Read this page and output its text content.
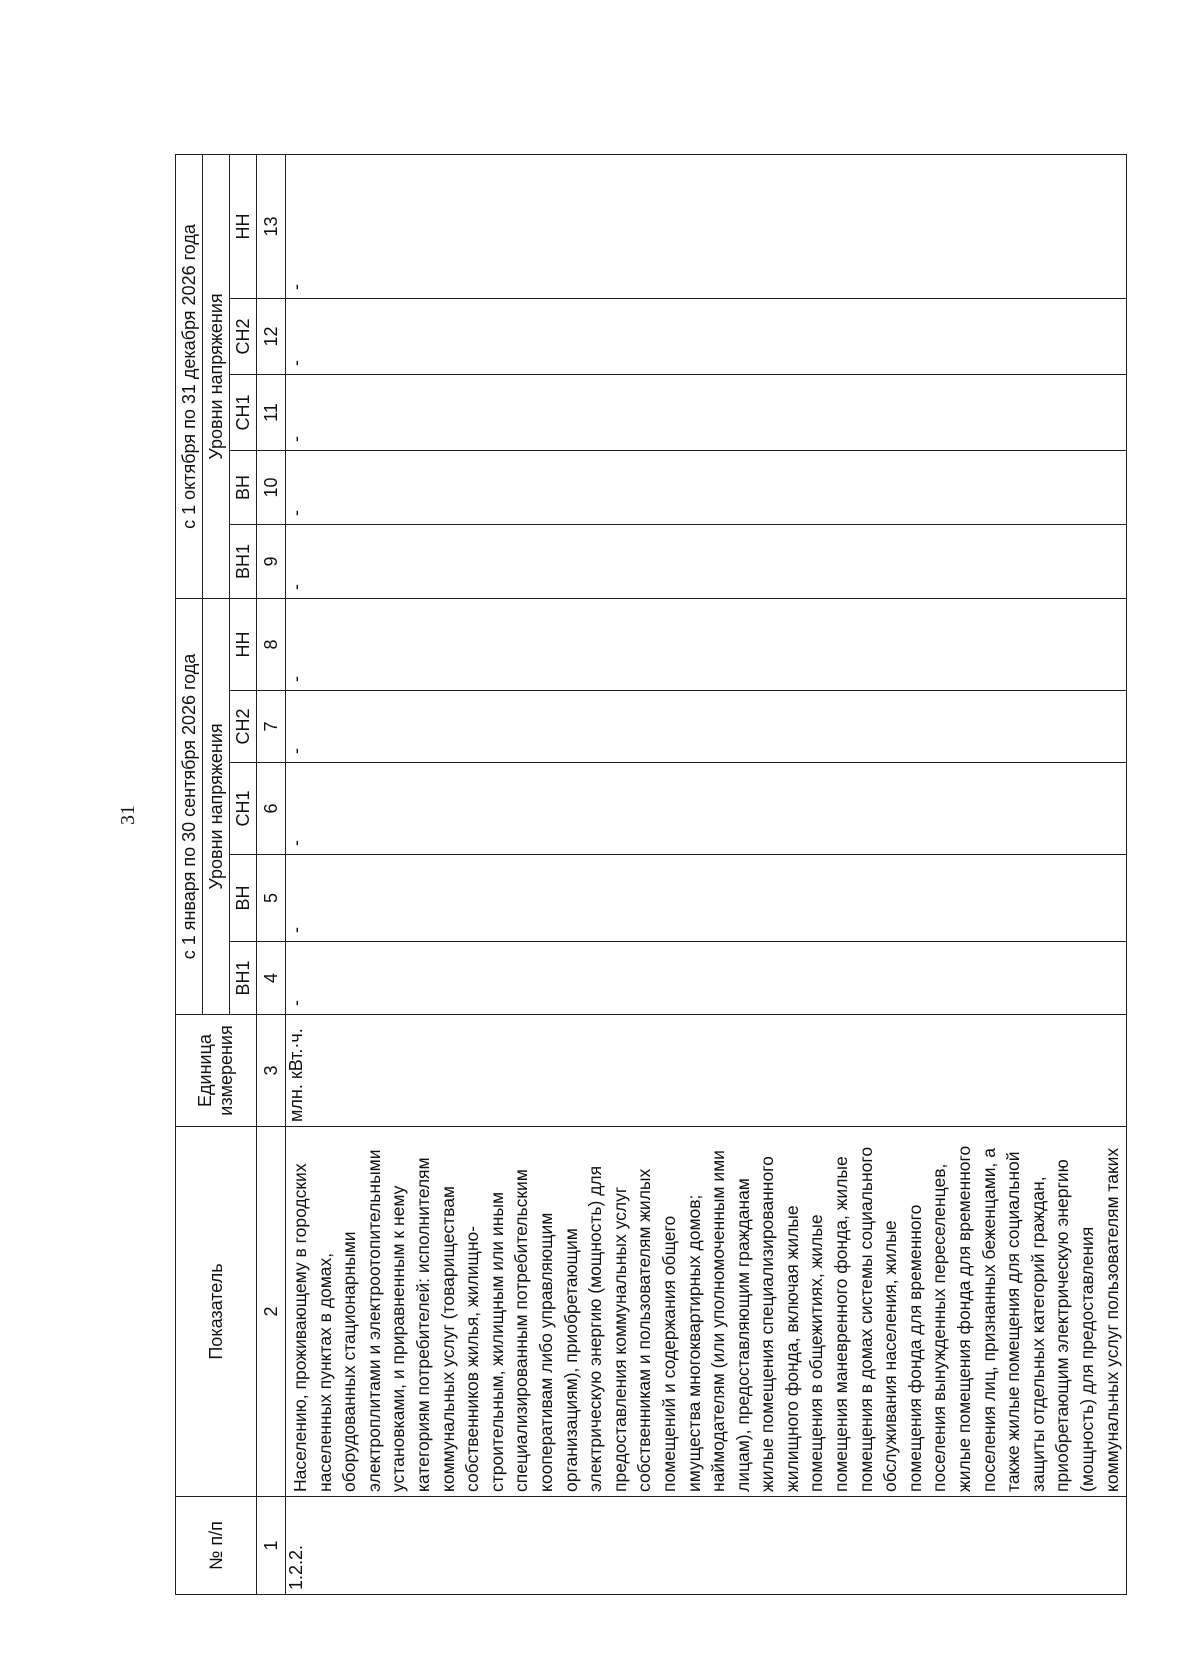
31
№ п/п	Показатель	Единица измерения	с 1 января по 30 сентября 2026 года					с 1 октября по 31 декабря 2026 года				
			Уровни напряжения					Уровни напряжения				
			ВН1	ВН	СН1	СН2	НН	ВН1	ВН	СН1	СН2	НН
1	2	3	4	5	6	7	8	9	10	11	12	13
1.2.2.	Населению, проживающему в городских населенных пунктах в домах, оборудованных стационарными электроплитами и электроотопительными установками, и приравненным к нему категориям потребителей: исполнителям коммунальных услуг (товариществам собственников жилья, жилищно-строительным, жилищным или иным специализированным потребительским кооперативам либо управляющим организациям), приобретающим электрическую энергию (мощность) для предоставления коммунальных услуг собственникам и пользователям жилых помещений и содержания общего имущества многоквартирных домов; наймодателям (или уполномоченным ими лицам), предоставляющим гражданам жилые помещения специализированного жилищного фонда, включая жилые помещения в общежитиях, жилые помещения маневренного фонда, жилые помещения в домах системы социального обслуживания населения, жилые помещения фонда для временного поселения вынужденных переселенцев, жилые помещения фонда для временного поселения лиц, признанных беженцами, а также жилые помещения для социальной защиты отдельных категорий граждан, приобретающим электрическую энергию (мощность) для предоставления коммунальных услуг пользователям таких	млн. кВт.·ч.	-	-	-	-	-	-	-	-	-	-
